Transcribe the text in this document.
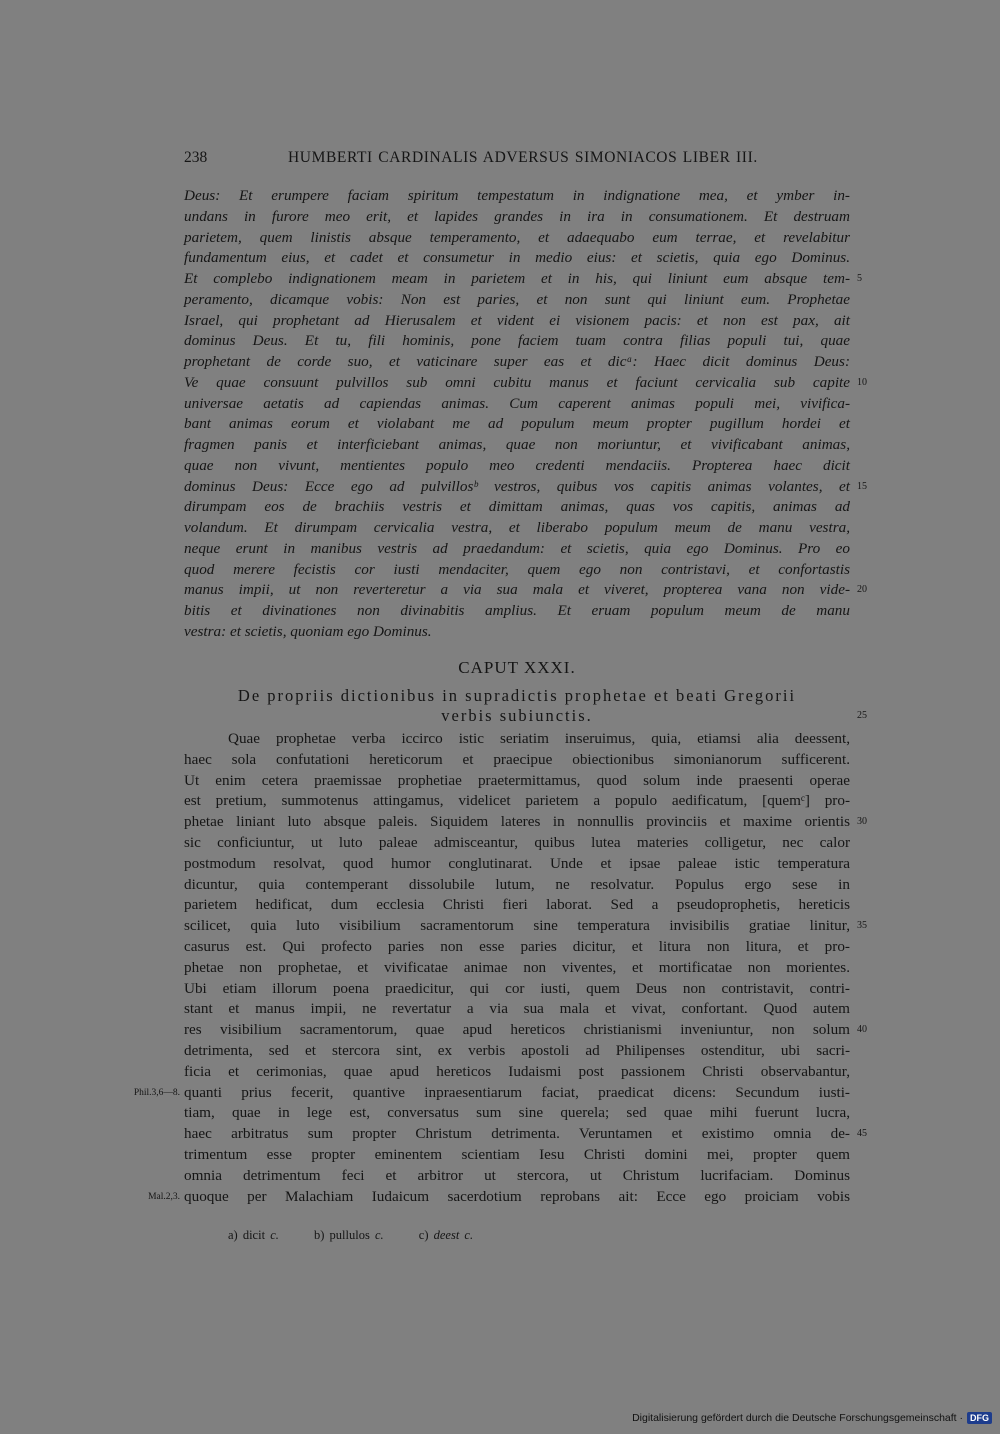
238	HUMBERTI CARDINALIS ADVERSUS SIMONIACOS LIBER III.
Deus: Et erumpere faciam spiritum tempestatum in indignatione mea, et ymber in-
undans in furore meo erit, et lapides grandes in ira in consumationem. Et destruam
parietem, quem linistis absque temperamento, et adaequabo eum terrae, et revelabitur
fundamentum eius, et cadet et consumetur in medio eius: et scietis, quia ego Dominus.
Et complebo indignationem meam in parietem et in his, qui liniunt eum absque tem- 5
peramento, dicamque vobis: Non est paries, et non sunt qui liniunt eum. Prophetae
Israel, qui prophetant ad Hierusalem et vident ei visionem pacis: et non est pax, ait
dominus Deus. Et tu, fili hominis, pone faciem tuam contra filias populi tui, quae
prophetant de corde suo, et vaticinare super eas et dicᵃ: Haec dicit dominus Deus:
Ve quae consuunt pulvillos sub omni cubitu manus et faciunt cervicalia sub capite 10
universae aetatis ad capiendas animas. Cum caperent animas populi mei, vivifica-
bant animas eorum et violabant me ad populum meum propter pugillum hordei et
fragmen panis et interficiebant animas, quae non moriuntur, et vivificabant animas,
quae non vivunt, mentientes populo meo credenti mendaciis. Propterea haec dicit
dominus Deus: Ecce ego ad pulvillosᵇ vestros, quibus vos capitis animas volantes, et 15
dirumpam eos de brachiis vestris et dimittam animas, quas vos capitis, animas ad
volandum. Et dirumpam cervicalia vestra, et liberabo populum meum de manu vestra,
neque erunt in manibus vestris ad praedandum: et scietis, quia ego Dominus. Pro eo
quod merere fecistis cor iusti mendaciter, quem ego non contristavi, et confortastis
manus impii, ut non reverteretur a via sua mala et viveret, propterea vana non vide- 20
bitis et divinationes non divinabitis amplius. Et eruam populum meum de manu
vestra: et scietis, quoniam ego Dominus.
CAPUT XXXI.
De propriis dictionibus in supradictis prophetae et beati Gregorii
verbis subiunctis.	25
Quae prophetae verba iccirco istic seriatim inseruimus, quia, etiamsi alia deessent,
haec sola confutationi hereticorum et praecipue obiectionibus simonianorum sufficerent.
Ut enim cetera praemissae prophetiae praetermittamus, quod solum inde praesenti operae
est pretium, summotenus attingamus, videlicet parietem a populo aedificatum, [quemᶜ] pro-
phetae liniant luto absque paleis. Siquidem lateres in nonnullis provinciis et maxime orientis 30
sic conficiuntur, ut luto paleae admisceantur, quibus lutea materies colligetur, nec calor
postmodum resolvat, quod humor conglutinarat. Unde et ipsae paleae istic temperatura
dicuntur, quia contemperant dissolubile lutum, ne resolvatur. Populus ergo sese in
parietem hedificat, dum ecclesia Christi fieri laborat. Sed a pseudoprophetis, hereticis
scilicet, quia luto visibilium sacramentorum sine temperatura invisibilis gratiae linitur, 35
casurus est. Qui profecto paries non esse paries dicitur, et litura non litura, et pro-
phetae non prophetae, et vivificatae animae non viventes, et mortificatae non morientes.
Ubi etiam illorum poena praedicitur, qui cor iusti, quem Deus non contristavit, contri-
stant et manus impii, ne revertatur a via sua mala et vivat, confortant. Quod autem
res visibilium sacramentorum, quae apud hereticos christianismi inveniuntur, non solum 40
detrimenta, sed et stercora sint, ex verbis apostoli ad Philipenses ostenditur, ubi sacri-
ficia et cerimonias, quae apud hereticos Iudaismi post passionem Christi observabantur,
quanti prius fecerit, quantive inpraesentiarum faciat, praedicat dicens: Secundum iusti-
Phil.3,6—8.
tiam, quae in lege est, conversatus sum sine querela; sed quae mihi fuerunt lucra,
haec arbitratus sum propter Christum detrimenta. Veruntamen et existimo omnia de- 45
trimentum esse propter eminentem scientiam Iesu Christi domini mei, propter quem
omnia detrimentum feci et arbitror ut stercora, ut Christum lucrifaciam. Dominus
quoque per Malachiam Iudaicum sacerdotium reprobans ait: Ecce ego proiciam vobis
Mal.2,3.
a) dicit c.	b) pullulos c.	c) deest c.
Digitalisierung gefördert durch die Deutsche Forschungsgemeinschaft · DFG
